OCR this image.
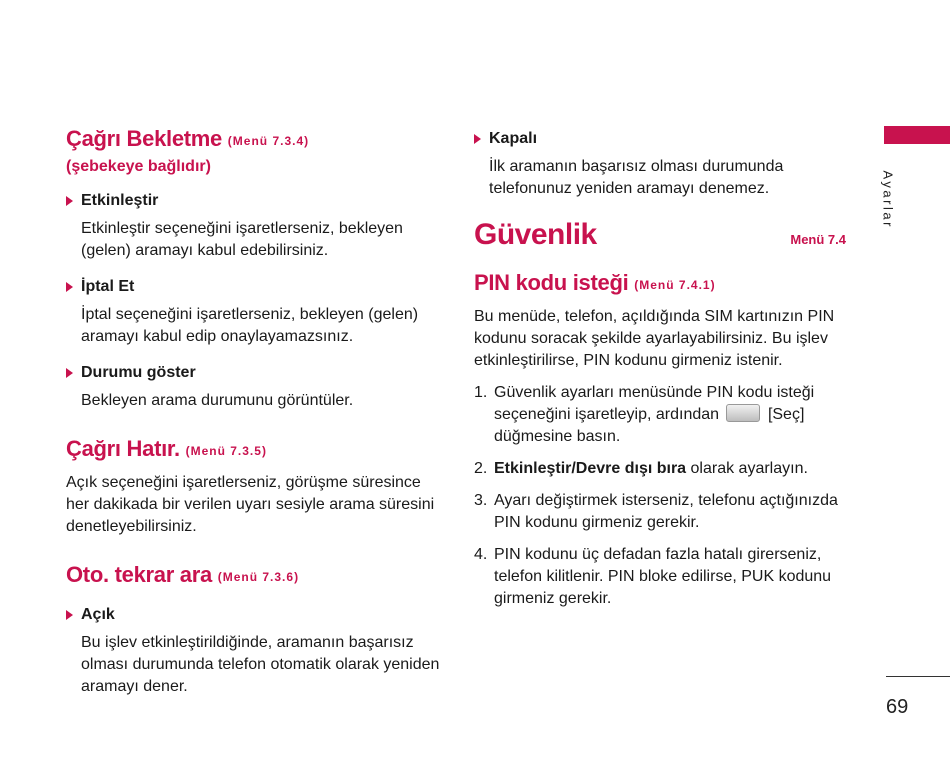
Çağrı Bekletme (Menü 7.3.4)
(şebekeye bağlıdır)
Etkinleştir
Etkinleştir seçeneğini işaretlerseniz, bekleyen (gelen) aramayı kabul edebilirsiniz.
İptal Et
İptal seçeneğini işaretlerseniz, bekleyen (gelen) aramayı kabul edip onaylayamazsınız.
Durumu göster
Bekleyen arama durumunu görüntüler.
Çağrı Hatır. (Menü 7.3.5)
Açık seçeneğini işaretlerseniz, görüşme süresince her dakikada bir verilen uyarı sesiyle arama süresini denetleyebilirsiniz.
Oto. tekrar ara (Menü 7.3.6)
Açık
Bu işlev etkinleştirildiğinde, aramanın başarısız olması durumunda telefon otomatik olarak yeniden aramayı dener.
Kapalı
İlk aramanın başarısız olması durumunda telefonunuz yeniden aramayı denemez.
Güvenlik	Menü 7.4
PIN kodu isteği (Menü 7.4.1)
Bu menüde, telefon, açıldığında SIM kartınızın PIN kodunu soracak şekilde ayarlayabilirsiniz. Bu işlev etkinleştirilirse, PIN kodunu girmeniz istenir.
1. Güvenlik ayarları menüsünde PIN kodu isteği seçeneğini işaretleyip, ardından	[Seç] düğmesine basın.
2. Etkinleştir/Devre dışı bıra olarak ayarlayın.
3. Ayarı değiştirmek isterseniz, telefonu açtığınızda PIN kodunu girmeniz gerekir.
4. PIN kodunu üç defadan fazla hatalı girerseniz, telefon kilitlenir. PIN bloke edilirse, PUK kodunu girmeniz gerekir.
Ayarlar
69
